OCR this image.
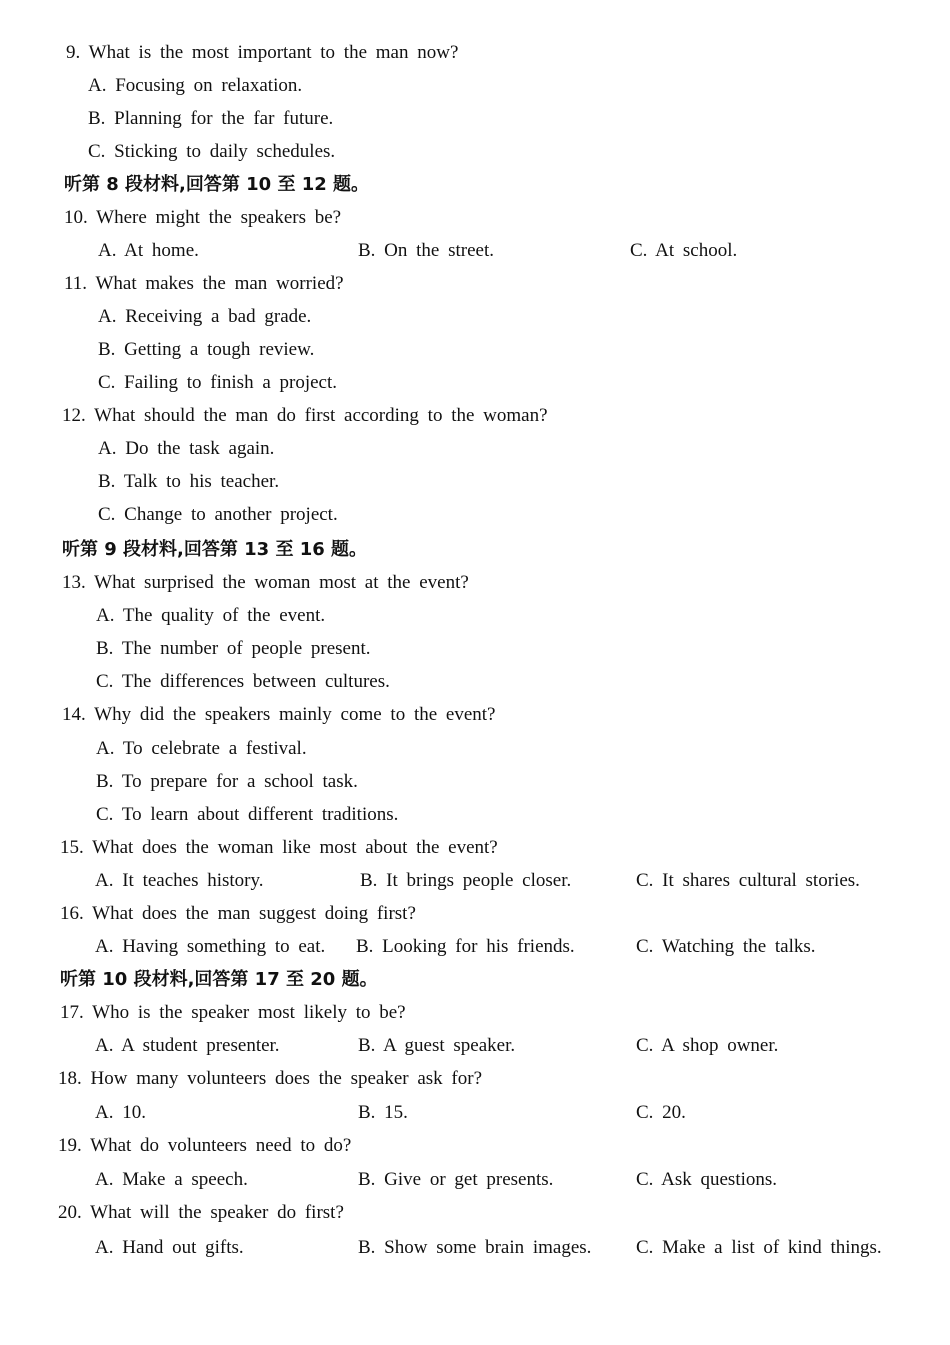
9. What is the most important to the man now?
A. Focusing on relaxation.
B. Planning for the far future.
C. Sticking to daily schedules.
听第 8 段材料,回答第 10 至 12 题。
10. Where might the speakers be?
A. At home.	B. On the street.	C. At school.
11. What makes the man worried?
A. Receiving a bad grade.
B. Getting a tough review.
C. Failing to finish a project.
12. What should the man do first according to the woman?
A. Do the task again.
B. Talk to his teacher.
C. Change to another project.
听第 9 段材料,回答第 13 至 16 题。
13. What surprised the woman most at the event?
A. The quality of the event.
B. The number of people present.
C. The differences between cultures.
14. Why did the speakers mainly come to the event?
A. To celebrate a festival.
B. To prepare for a school task.
C. To learn about different traditions.
15. What does the woman like most about the event?
A. It teaches history.	B. It brings people closer.	C. It shares cultural stories.
16. What does the man suggest doing first?
A. Having something to eat. B. Looking for his friends.	C. Watching the talks.
听第 10 段材料,回答第 17 至 20 题。
17. Who is the speaker most likely to be?
A. A student presenter.	B. A guest speaker.	C. A shop owner.
18. How many volunteers does the speaker ask for?
A. 10.	B. 15.	C. 20.
19. What do volunteers need to do?
A. Make a speech.	B. Give or get presents.	C. Ask questions.
20. What will the speaker do first?
A. Hand out gifts.	B. Show some brain images. C. Make a list of kind things.
